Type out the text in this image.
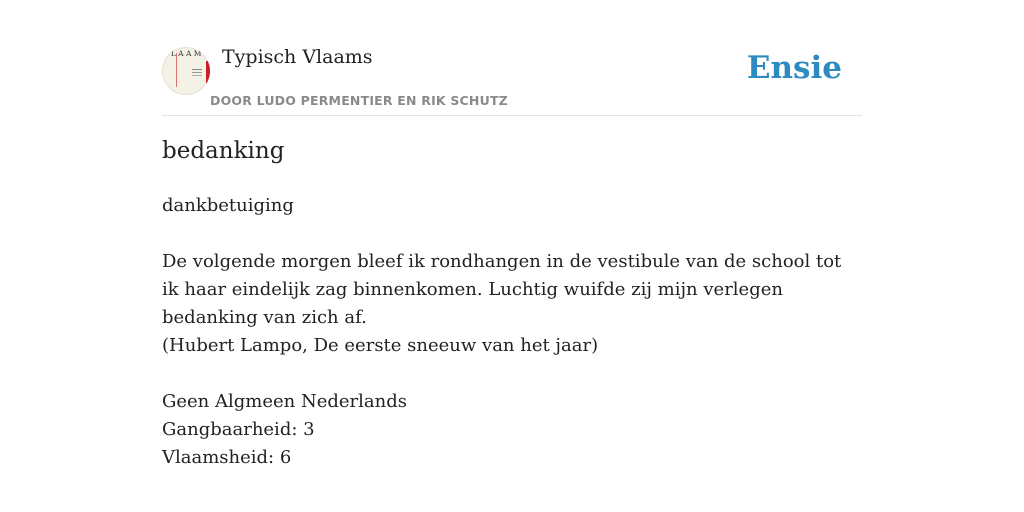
V L A A M S Typisch Vlaams
DOOR LUDO PERMENTIER EN RIK SCHUTZ
Ensie
bedanking

dankbetuiging

De volgende morgen bleef ik rondhangen in de vestibule van de school tot ik haar eindelijk zag binnenkomen. Luchtig wuifde zij mijn verlegen bedanking van zich af.

(Hubert Lampo, De eerste sneeuw van het jaar)

Geen Algmeen Nederlands

Gangbaarheid: 3

Vlaamsheid: 6
